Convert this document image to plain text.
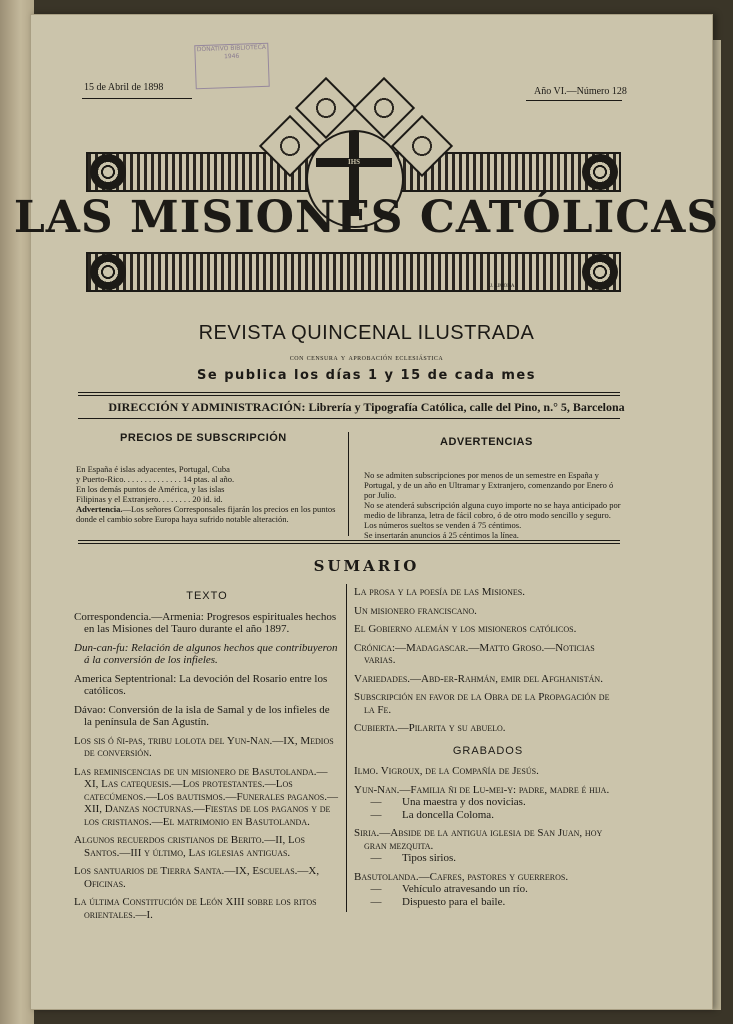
15 de Abril de 1898	Año VI.—Número 128
DONATIVO BIBLIOTECA 1946
IHS
LAS MISIONES CATÓLICAS
J. LIMONA
REVISTA QUINCENAL ILUSTRADA
con censura y aprobación eclesiástica
Se publica los días 1 y 15 de cada mes
DIRECCIÓN Y ADMINISTRACIÓN: Librería y Tipografía Católica, calle del Pino, n.° 5, Barcelona
PRECIOS DE SUBSCRIPCIÓN

En España é islas adyacentes, Portugal, Cuba

y Puerto-Rico. . . . . . . . . . . . . . 14 ptas. al año.

En los demás puntos de América, y las islas

Filipinas y el Extranjero. . . . . . . . 20 id. id.

Advertencia.—Los señores Corresponsales fijarán los precios en los puntos donde el cambio sobre Europa haya sufrido notable alteración.

ADVERTENCIAS

No se admiten subscripciones por menos de un semestre en España y Portugal, y de un año en Ultramar y Extranjero, comenzando por Enero ó por Julio.

No se atenderá subscripción alguna cuyo importe no se haya anticipado por medio de libranza, letra de fácil cobro, ó de otro modo sencillo y seguro.

Los números sueltos se venden á 75 céntimos.

Se insertarán anuncios á 25 céntimos la línea.

SUMARIO
TEXTO

Correspondencia.—Armenia: Progresos espirituales hechos en las Misiones del Tauro durante el año 1897.

Dun-can-fu: Relación de algunos hechos que contribuyeron á la conversión de los infieles.

America Septentrional: La devoción del Rosario entre los católicos.

Dávao: Conversión de la isla de Samal y de los infieles de la península de San Agustín.

Los sis ó ñi-pas, tribu lolota del Yun-Nan.—IX, Medios de conversión.

Las reminiscencias de un misionero de Basutolanda.—XI, Las catequesis.—Los protestantes.—Los catecúmenos.—Los bautismos.—Funerales paganos.—XII, Danzas nocturnas.—Fiestas de los paganos y de los cristianos.—El matrimonio en Basutolanda.

Algunos recuerdos cristianos de Berito.—II, Los Santos.—III y último, Las iglesias antiguas.

Los santuarios de Tierra Santa.—IX, Escuelas.—X, Oficinas.

La última Constitución de León XIII sobre los ritos orientales.—I.

La prosa y la poesía de las Misiones.

Un misionero franciscano.

El Gobierno alemán y los misioneros católicos.

Crónica:—Madagascar.—Matto Groso.—Noticias varias.

Variedades.—Abd-er-Rahmán, emir del Afghanistán.

Subscripción en favor de la Obra de la Propagación de la Fe.

Cubierta.—Pilarita y su abuelo.

GRABADOS

Ilmo. Vigroux, de la Compañía de Jesús.

Yun-Nan.—Familia ñi de Lu-mei-y: padre, madre é hija.

—	Una maestra y dos novicias.
—	La doncella Coloma.

Siria.—Abside de la antigua iglesia de San Juan, hoy gran mezquita.

—	Tipos sirios.

Basutolanda.—Cafres, pastores y guerreros.

—	Vehículo atravesando un río.
—	Dispuesto para el baile.
